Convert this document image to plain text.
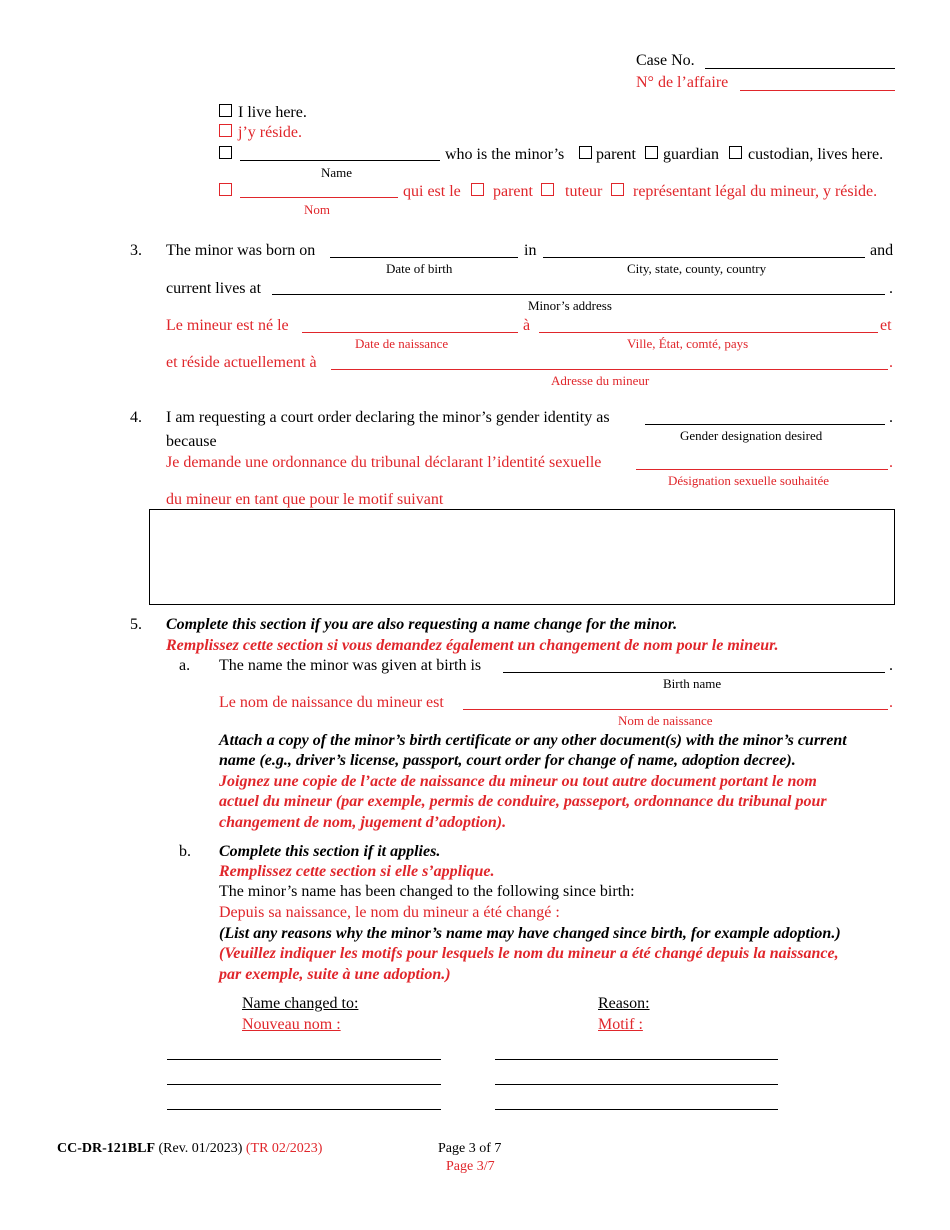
Case No.
N° de l’affaire
I live here.
j’y réside.
Name
who is the minor’s parent guardian custodian, lives here.
Nom
qui est le parent tuteur représentant légal du mineur, y réside.
3. The minor was born on
Date of birth
in
City, state, county, country
and
current lives at	.
Minor’s address
Le mineur est né le
Date de naissance
à
Ville, État, comté, pays
et
et réside actuellement à	.
Adresse du mineur
4. I am requesting a court order declaring the minor’s gender identity as	.
Gender designation desired
because
Je demande une ordonnance du tribunal déclarant l’identité sexuelle	.
Désignation sexuelle souhaitée
du mineur en tant que pour le motif suivant
5. Complete this section if you are also requesting a name change for the minor.
Remplissez cette section si vous demandez également un changement de nom pour le mineur.
a. The name the minor was given at birth is	.
Birth name
Le nom de naissance du mineur est	.
Nom de naissance
Attach a copy of the minor’s birth certificate or any other document(s) with the minor’s current
name (e.g., driver’s license, passport, court order for change of name, adoption decree).
Joignez une copie de l’acte de naissance du mineur ou tout autre document portant le nom
actuel du mineur (par exemple, permis de conduire, passeport, ordonnance du tribunal pour
changement de nom, jugement d’adoption).
b. Complete this section if it applies.
Remplissez cette section si elle s’applique.
The minor’s name has been changed to the following since birth:
Depuis sa naissance, le nom du mineur a été changé :
(List any reasons why the minor’s name may have changed since birth, for example adoption.)
(Veuillez indiquer les motifs pour lesquels le nom du mineur a été changé depuis la naissance,
par exemple, suite à une adoption.)
Name changed to:
Nouveau nom :
Reason:
Motif :
CC-DR-121BLF (Rev. 01/2023) (TR 02/2023)	Page 3 of 7
Page 3/7
